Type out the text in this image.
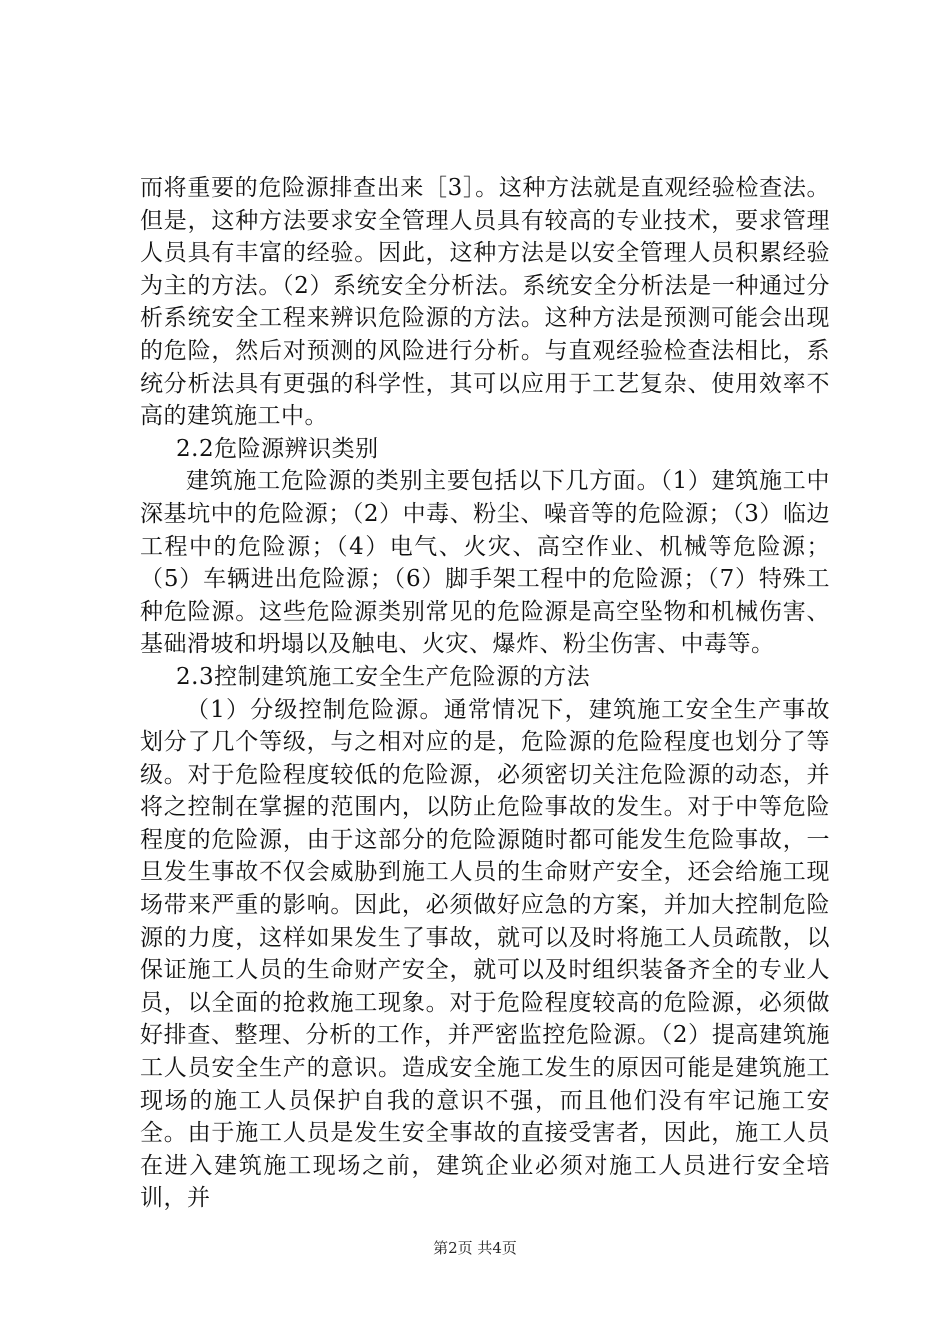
而将重要的危险源排查出来［3］。这种方法就是直观经验检查法。但是，这种方法要求安全管理人员具有较高的专业技术，要求管理人员具有丰富的经验。因此，这种方法是以安全管理人员积累经验为主的方法。（2）系统安全分析法。系统安全分析法是一种通过分析系统安全工程来辨识危险源的方法。这种方法是预测可能会出现的危险，然后对预测的风险进行分析。与直观经验检查法相比，系统分析法具有更强的科学性，其可以应用于工艺复杂、使用效率不高的建筑施工中。

2.2危险源辨识类别

建筑施工危险源的类别主要包括以下几方面。（1）建筑施工中深基坑中的危险源；（2）中毒、粉尘、噪音等的危险源；（3）临边工程中的危险源；（4）电气、火灾、高空作业、机械等危险源；（5）车辆进出危险源；（6）脚手架工程中的危险源；（7）特殊工种危险源。这些危险源类别常见的危险源是高空坠物和机械伤害、基础滑坡和坍塌以及触电、火灾、爆炸、粉尘伤害、中毒等。

2.3控制建筑施工安全生产危险源的方法

（1）分级控制危险源。通常情况下，建筑施工安全生产事故划分了几个等级，与之相对应的是，危险源的危险程度也划分了等级。对于危险程度较低的危险源，必须密切关注危险源的动态，并将之控制在掌握的范围内，以防止危险事故的发生。对于中等危险程度的危险源，由于这部分的危险源随时都可能发生危险事故，一旦发生事故不仅会威胁到施工人员的生命财产安全，还会给施工现场带来严重的影响。因此，必须做好应急的方案，并加大控制危险源的力度，这样如果发生了事故，就可以及时将施工人员疏散，以保证施工人员的生命财产安全，就可以及时组织装备齐全的专业人员，以全面的抢救施工现象。对于危险程度较高的危险源，必须做好排查、整理、分析的工作，并严密监控危险源。（2）提高建筑施工人员安全生产的意识。造成安全施工发生的原因可能是建筑施工现场的施工人员保护自我的意识不强，而且他们没有牢记施工安全。由于施工人员是发生安全事故的直接受害者，因此，施工人员在进入建筑施工现场之前，建筑企业必须对施工人员进行安全培训，并

第2页 共4页
